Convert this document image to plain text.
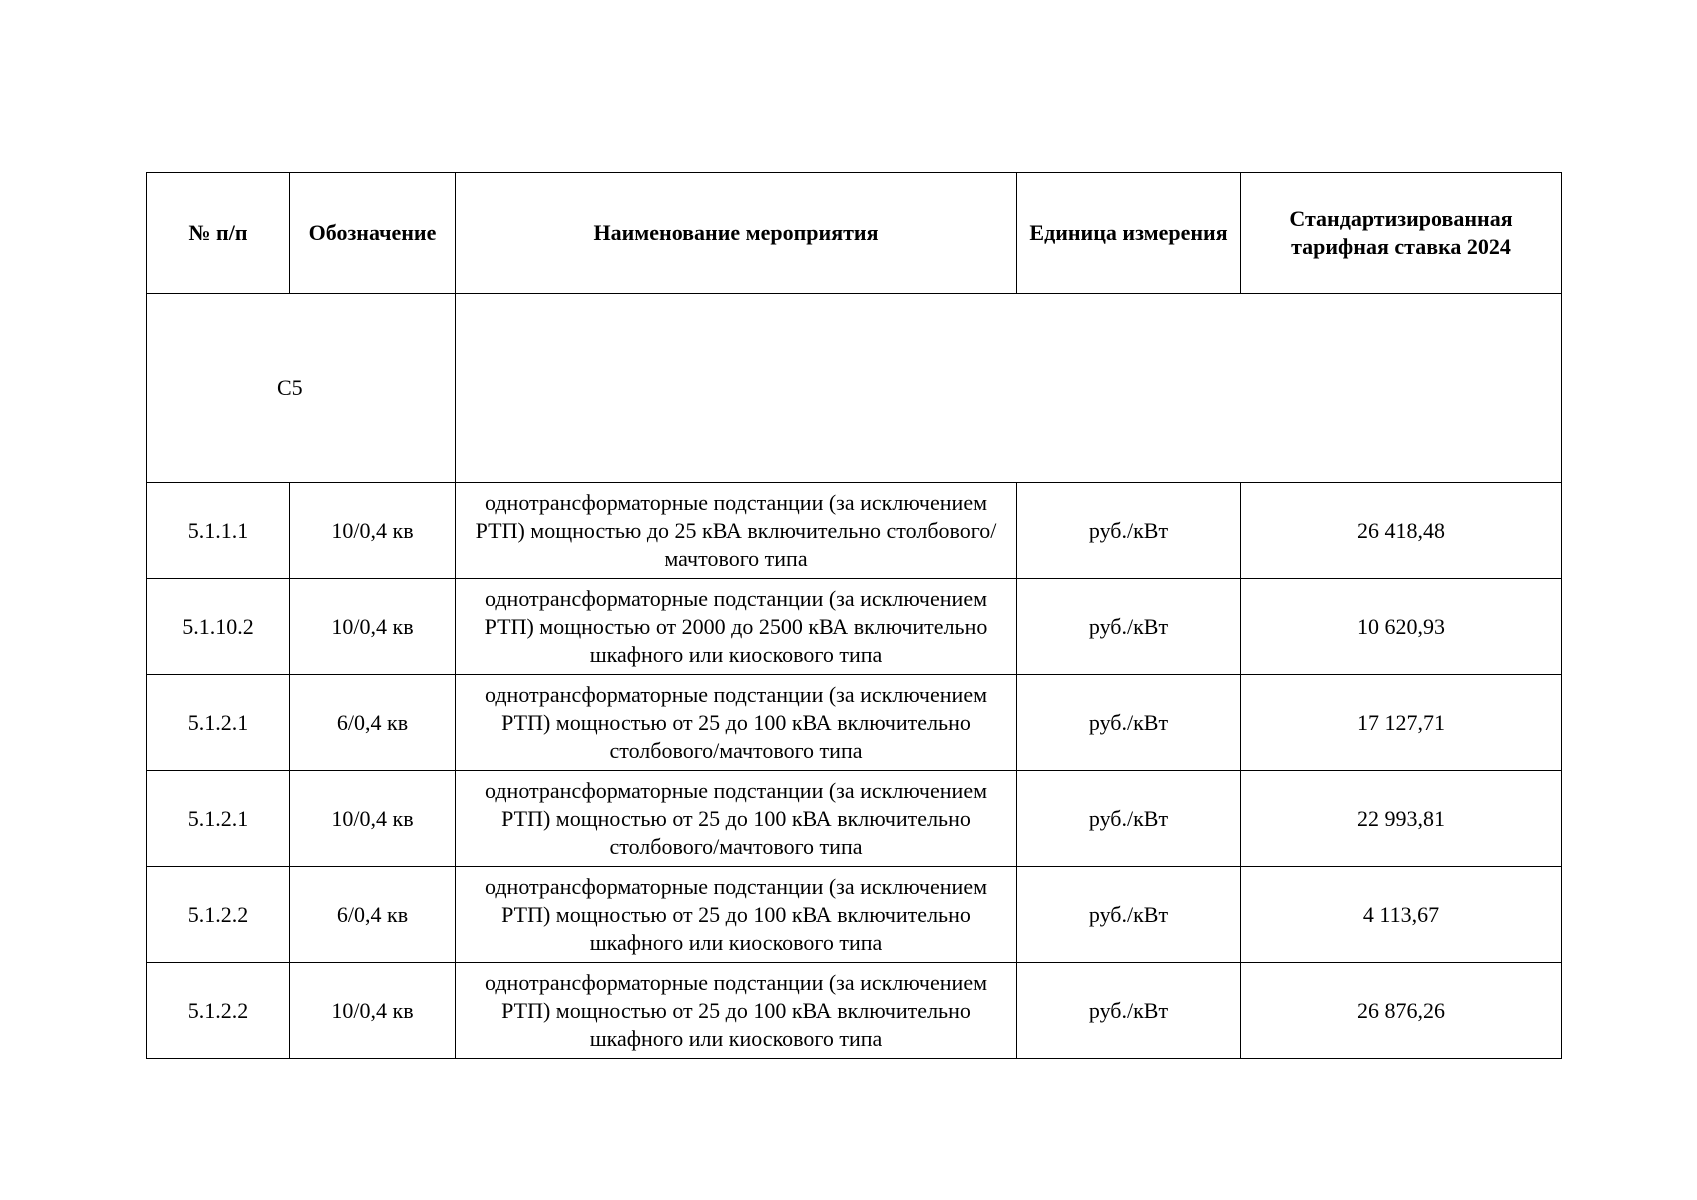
№ п/п	Обозначение	Наименование мероприятия	Единица измерения	Стандартизированная тарифная ставка 2024
С5				
5.1.1.1	10/0,4 кв	однотрансформаторные подстанции (за исключением РТП) мощностью до 25 кВА включительно столбового/мачтового типа	руб./кВт	26 418,48
5.1.10.2	10/0,4 кв	однотрансформаторные подстанции (за исключением РТП) мощностью от 2000 до 2500 кВА включительно шкафного или киоскового типа	руб./кВт	10 620,93
5.1.2.1	6/0,4 кв	однотрансформаторные подстанции (за исключением РТП) мощностью от 25 до 100 кВА включительно столбового/мачтового типа	руб./кВт	17 127,71
5.1.2.1	10/0,4 кв	однотрансформаторные подстанции (за исключением РТП) мощностью от 25 до 100 кВА включительно столбового/мачтового типа	руб./кВт	22 993,81
5.1.2.2	6/0,4 кв	однотрансформаторные подстанции (за исключением РТП) мощностью от 25 до 100 кВА включительно шкафного или киоскового типа	руб./кВт	4 113,67
5.1.2.2	10/0,4 кв	однотрансформаторные подстанции (за исключением РТП) мощностью от 25 до 100 кВА включительно шкафного или киоскового типа	руб./кВт	26 876,26
